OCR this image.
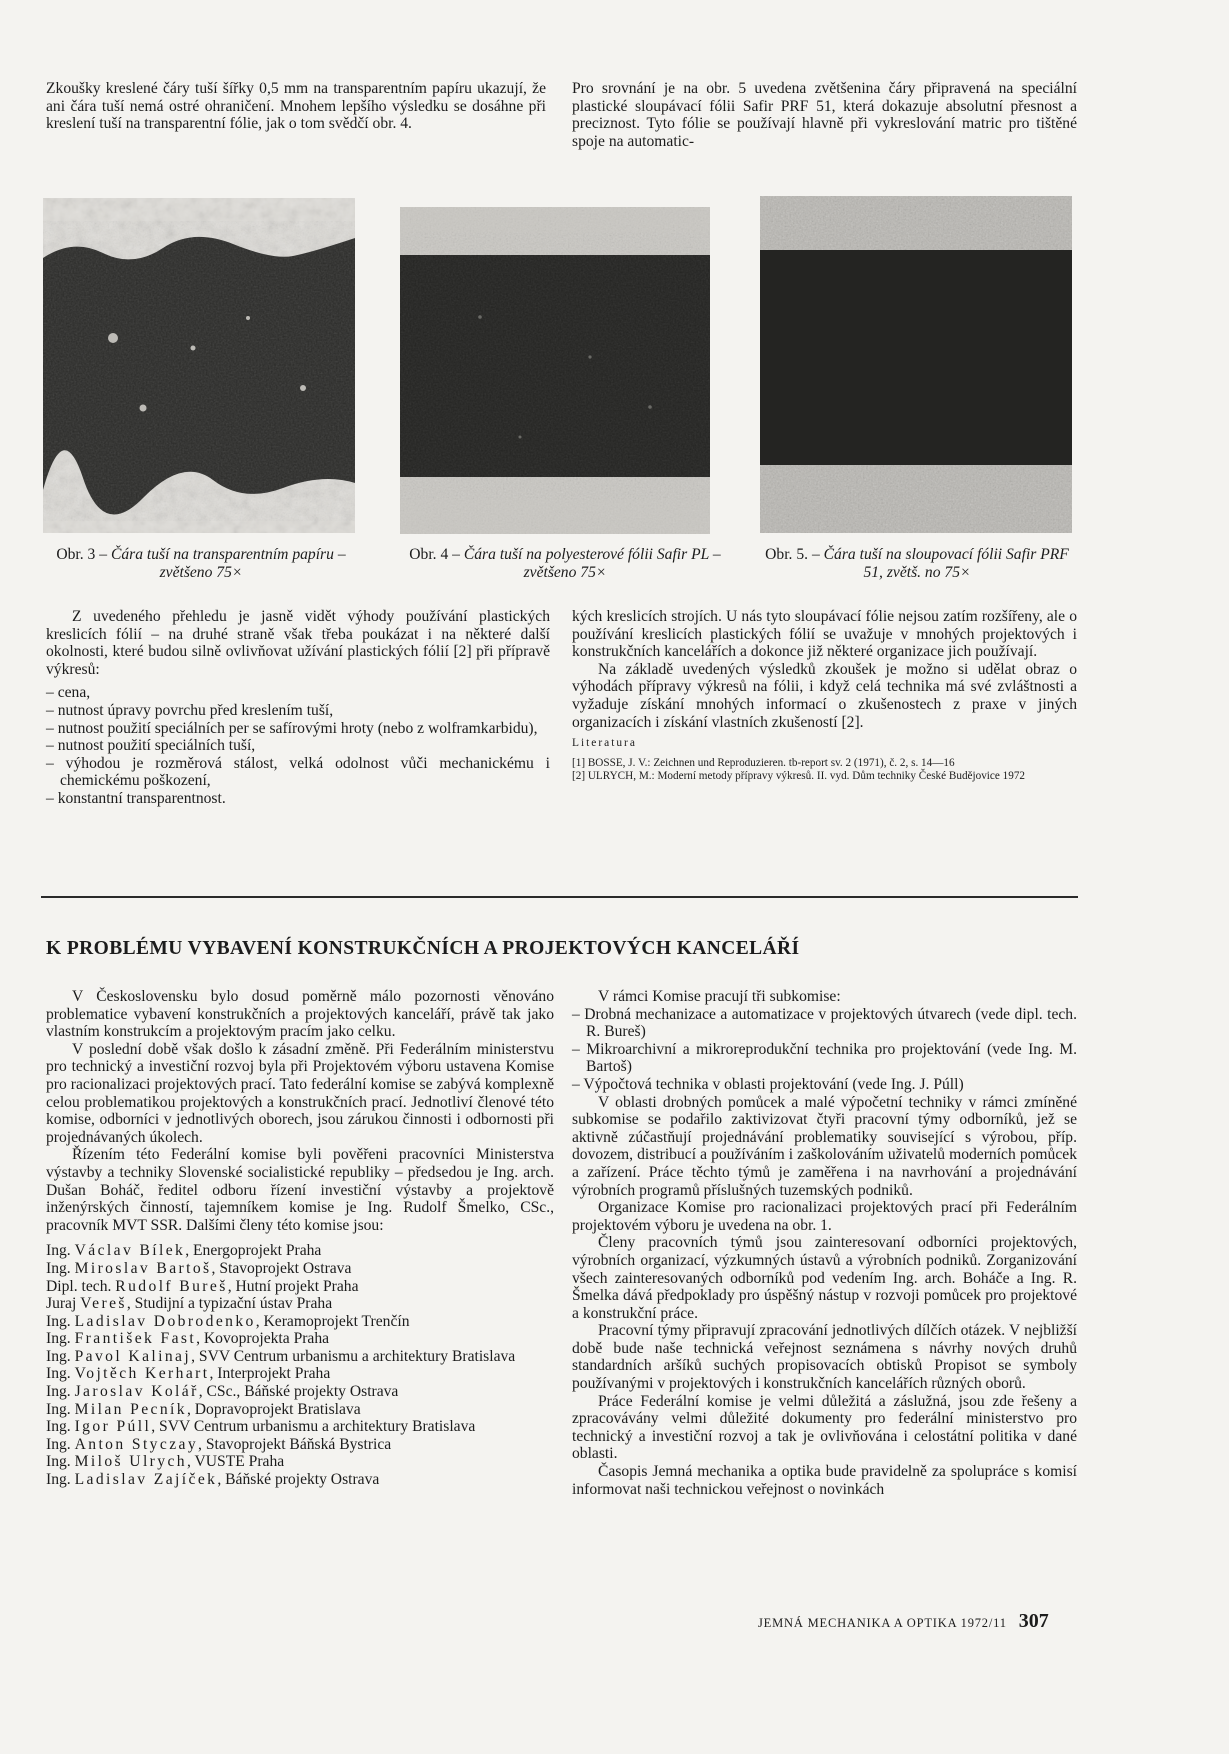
Zkoušky kreslené čáry tuší šířky 0,5 mm na transparentním papíru ukazují, že ani čára tuší nemá ostré ohraničení. Mnohem lepšího výsledku se dosáhne při kreslení tuší na transparentní fólie, jak o tom svědčí obr. 4.

Pro srovnání je na obr. 5 uvedena zvětšenina čáry připravená na speciální plastické sloupávací fólii Safir PRF 51, která dokazuje absolutní přesnost a preciznost. Tyto fólie se používají hlavně při vykreslování matric pro tištěné spoje na automatic-

Obr. 3 – Čára tuší na transparentním papíru – zvětšeno 75×
Obr. 4 – Čára tuší na polyesterové fólii Safir PL – zvětšeno 75×
Obr. 5. – Čára tuší na sloupovací fólii Safir PRF 51, zvětš. no 75×

Z uvedeného přehledu je jasně vidět výhody používání plastických kreslicích fólií – na druhé straně však třeba poukázat i na některé další okolnosti, které budou silně ovlivňovat užívání plastických fólií [2] při přípravě výkresů:

– cena,

– nutnost úpravy povrchu před kreslením tuší,

– nutnost použití speciálních per se safírovými hroty (nebo z wolframkarbidu),

– nutnost použití speciálních tuší,

– výhodou je rozměrová stálost, velká odolnost vůči mechanickému i chemickému poškození,

– konstantní transparentnost.

kých kreslicích strojích. U nás tyto sloupávací fólie nejsou zatím rozšířeny, ale o používání kreslicích plastických fólií se uvažuje v mnohých projektových i konstrukčních kancelářích a dokonce již některé organizace jich používají.

Na základě uvedených výsledků zkoušek je možno si udělat obraz o výhodách přípravy výkresů na fólii, i když celá technika má své zvláštnosti a vyžaduje získání mnohých informací o zkušenostech z praxe v jiných organizacích i získání vlastních zkušeností [2].

Literatura

[1] BOSSE, J. V.: Zeichnen und Reproduzieren. tb-report sv. 2 (1971), č. 2, s. 14—16

[2] ULRYCH, M.: Moderní metody přípravy výkresů. II. vyd. Dům techniky České Budějovice 1972

K PROBLÉMU VYBAVENÍ KONSTRUKČNÍCH A PROJEKTOVÝCH KANCELÁŘÍ

V Československu bylo dosud poměrně málo pozornosti věnováno problematice vybavení konstrukčních a projektových kanceláří, právě tak jako vlastním konstrukcím a projektovým pracím jako celku.

V poslední době však došlo k zásadní změně. Při Federálním ministerstvu pro technický a investiční rozvoj byla při Projektovém výboru ustavena Komise pro racionalizaci projektových prací. Tato federální komise se zabývá komplexně celou problematikou projektových a konstrukčních prací. Jednotliví členové této komise, odborníci v jednotlivých oborech, jsou zárukou činnosti i odbornosti při projednávaných úkolech.

Řízením této Federální komise byli pověřeni pracovníci Ministerstva výstavby a techniky Slovenské socialistické republiky – předsedou je Ing. arch. Dušan Boháč, ředitel odboru řízení investiční výstavby a projektově inženýrských činností, tajemníkem komise je Ing. Rudolf Šmelko, CSc., pracovník MVT SSR. Dalšími členy této komise jsou:

Ing. Václav Bílek, Energoprojekt Praha

Ing. Miroslav Bartoš, Stavoprojekt Ostrava

Dipl. tech. Rudolf Bureš, Hutní projekt Praha

Juraj Vereš, Studijní a typizační ústav Praha

Ing. Ladislav Dobrodenko, Keramoprojekt Trenčín

Ing. František Fast, Kovoprojekta Praha

Ing. Pavol Kalinaj, SVV Centrum urbanismu a architektury Bratislava

Ing. Vojtěch Kerhart, Interprojekt Praha

Ing. Jaroslav Kolář, CSc., Báňské projekty Ostrava

Ing. Milan Pecník, Dopravoprojekt Bratislava

Ing. Igor Púll, SVV Centrum urbanismu a architektury Bratislava

Ing. Anton Styczay, Stavoprojekt Báňská Bystrica

Ing. Miloš Ulrych, VUSTE Praha

Ing. Ladislav Zajíček, Báňské projekty Ostrava

V rámci Komise pracují tři subkomise:

– Drobná mechanizace a automatizace v projektových útvarech (vede dipl. tech. R. Bureš)

– Mikroarchivní a mikroreprodukční technika pro projektování (vede Ing. M. Bartoš)

– Výpočtová technika v oblasti projektování (vede Ing. J. Púll)

V oblasti drobných pomůcek a malé výpočetní techniky v rámci zmíněné subkomise se podařilo zaktivizovat čtyři pracovní týmy odborníků, jež se aktivně zúčastňují projednávání problematiky související s výrobou, příp. dovozem, distribucí a používáním i zaškolováním uživatelů moderních pomůcek a zařízení. Práce těchto týmů je zaměřena i na navrhování a projednávání výrobních programů příslušných tuzemských podniků.

Organizace Komise pro racionalizaci projektových prací při Federálním projektovém výboru je uvedena na obr. 1.

Členy pracovních týmů jsou zainteresovaní odborníci projektových, výrobních organizací, výzkumných ústavů a výrobních podniků. Zorganizování všech zainteresovaných odborníků pod vedením Ing. arch. Boháče a Ing. R. Šmelka dává předpoklady pro úspěšný nástup v rozvoji pomůcek pro projektové a konstrukční práce.

Pracovní týmy připravují zpracování jednotlivých dílčích otázek. V nejbližší době bude naše technická veřejnost seznámena s návrhy nových druhů standardních aršíků suchých propisovacích obtisků Propisot se symboly používanými v projektových i konstrukčních kancelářích různých oborů.

Práce Federální komise je velmi důležitá a záslužná, jsou zde řešeny a zpracovávány velmi důležité dokumenty pro federální ministerstvo pro technický a investiční rozvoj a tak je ovlivňována i celostátní politika v dané oblasti.

Časopis Jemná mechanika a optika bude pravidelně za spolupráce s komisí informovat naši technickou veřejnost o novinkách

JEMNÁ MECHANIKA A OPTIKA 1972/11 307
